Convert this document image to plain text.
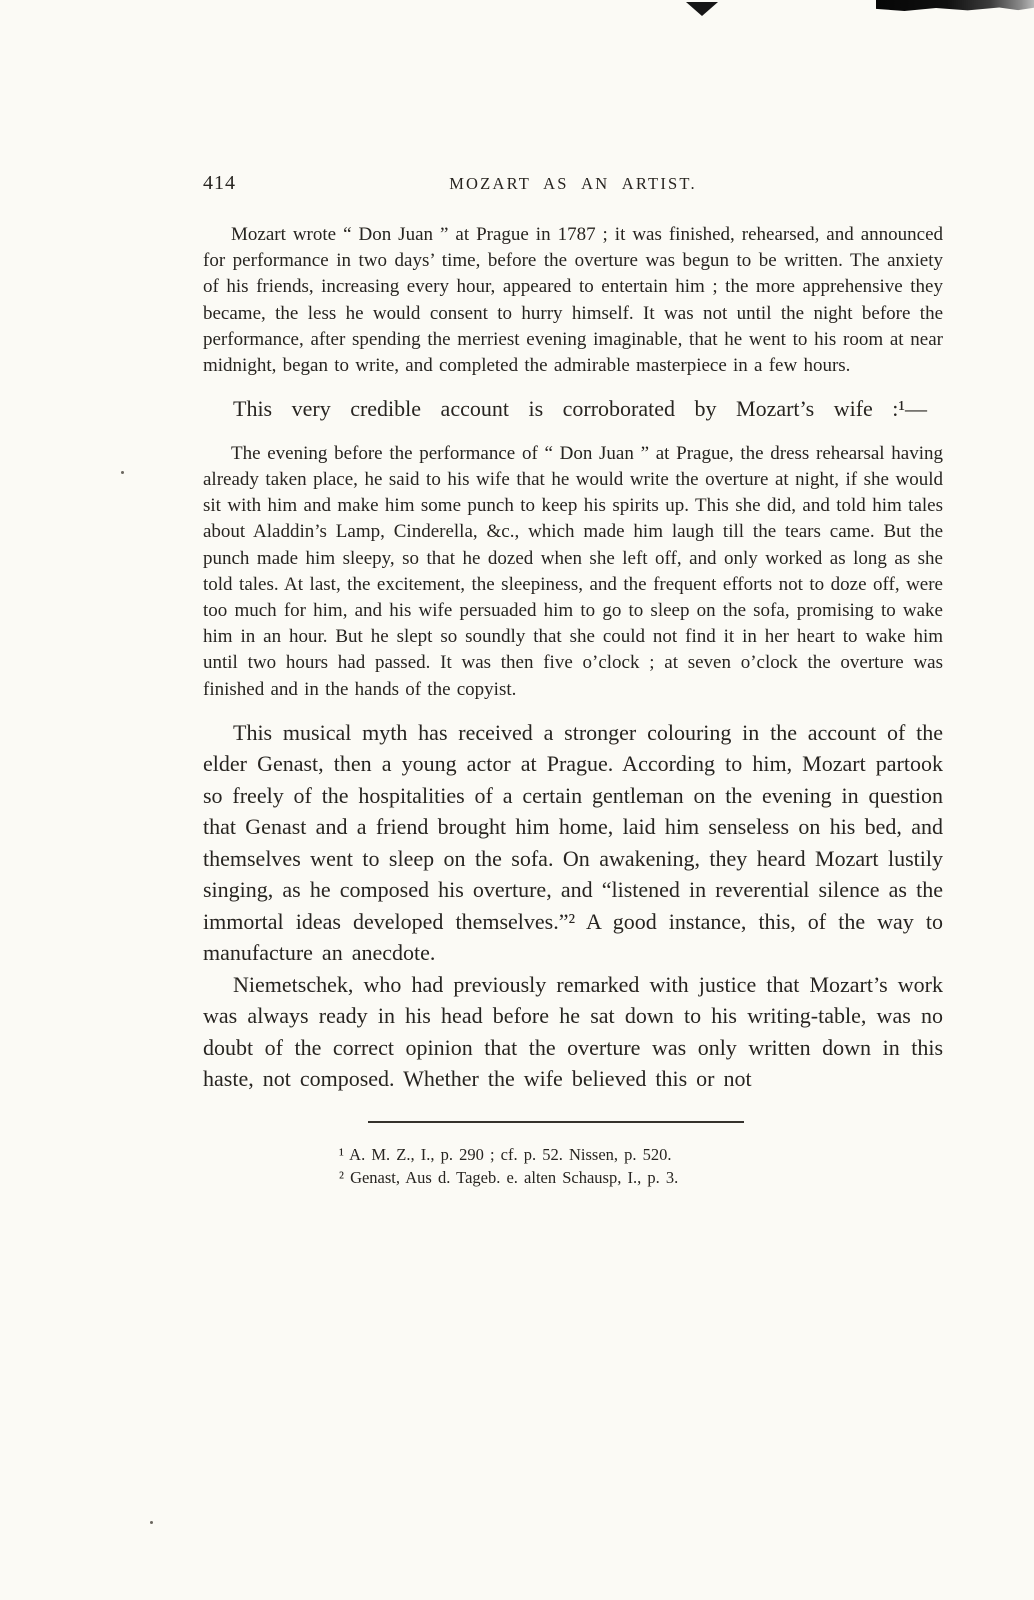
414	MOZART AS AN ARTIST.

Mozart wrote “ Don Juan ” at Prague in 1787 ; it was finished, rehearsed, and announced for performance in two days’ time, before the overture was begun to be written. The anxiety of his friends, increasing every hour, appeared to entertain him ; the more apprehensive they became, the less he would consent to hurry himself. It was not until the night before the performance, after spending the merriest evening imaginable, that he went to his room at near midnight, began to write, and completed the admirable masterpiece in a few hours.

This very credible account is corroborated by Mozart’s wife :¹—

The evening before the performance of “ Don Juan ” at Prague, the dress rehearsal having already taken place, he said to his wife that he would write the overture at night, if she would sit with him and make him some punch to keep his spirits up. This she did, and told him tales about Aladdin’s Lamp, Cinderella, &c., which made him laugh till the tears came. But the punch made him sleepy, so that he dozed when she left off, and only worked as long as she told tales. At last, the excitement, the sleepiness, and the frequent efforts not to doze off, were too much for him, and his wife persuaded him to go to sleep on the sofa, promising to wake him in an hour. But he slept so soundly that she could not find it in her heart to wake him until two hours had passed. It was then five o’clock ; at seven o’clock the overture was finished and in the hands of the copyist.

This musical myth has received a stronger colouring in the account of the elder Genast, then a young actor at Prague. According to him, Mozart partook so freely of the hospitalities of a certain gentleman on the evening in question that Genast and a friend brought him home, laid him senseless on his bed, and themselves went to sleep on the sofa. On awakening, they heard Mozart lustily singing, as he composed his overture, and “listened in reverential silence as the immortal ideas developed themselves.”² A good instance, this, of the way to manufacture an anecdote.

Niemetschek, who had previously remarked with justice that Mozart’s work was always ready in his head before he sat down to his writing-table, was no doubt of the correct opinion that the overture was only written down in this haste, not composed. Whether the wife believed this or not

¹ A. M. Z., I., p. 290 ; cf. p. 52. Nissen, p. 520.
² Genast, Aus d. Tageb. e. alten Schausp, I., p. 3.
